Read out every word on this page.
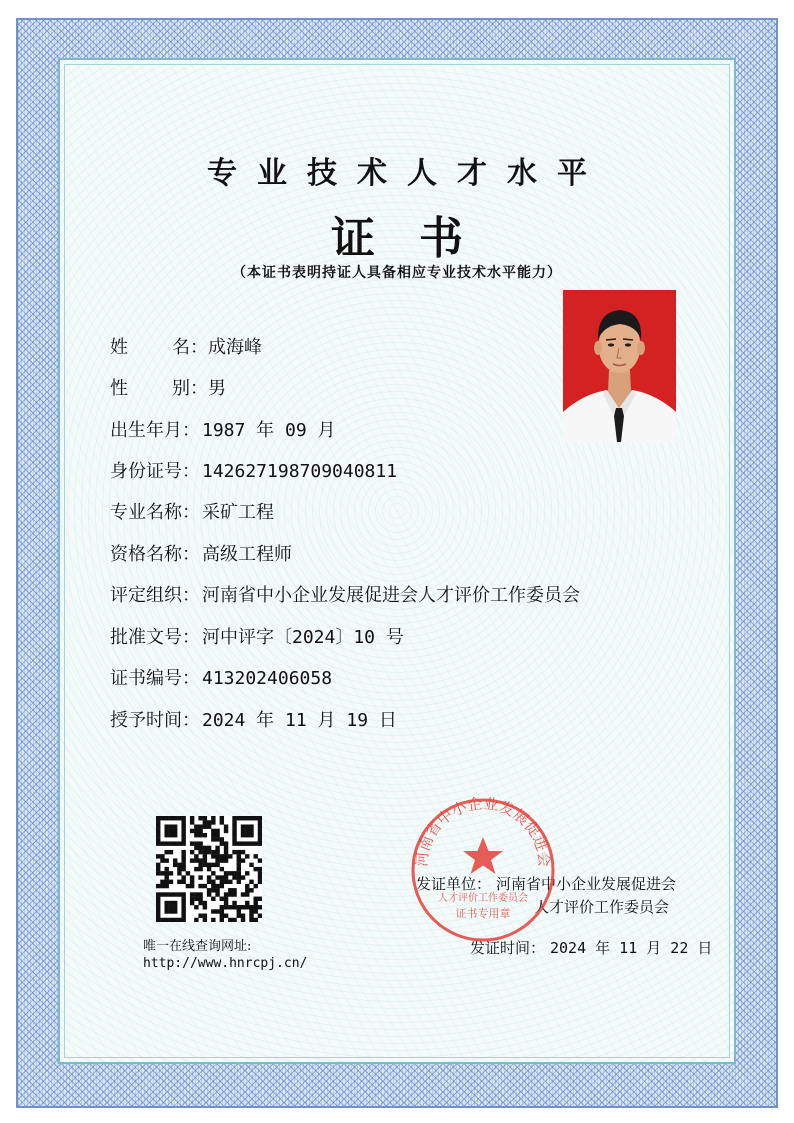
专业技术人才水平
证书
（本证书表明持证人具备相应专业技术水平能力）
姓名：成海峰
性别：男
出生年月： 1987 年 09 月
身份证号： 142627198709040811
专业名称： 采矿工程
资格名称： 高级工程师
评定组织： 河南省中小企业发展促进会人才评价工作委员会
批准文号： 河中评字〔2024〕10 号
证书编号： 413202406058
授予时间： 2024 年 11 月 19 日
唯一在线查询网址:
http://www.hnrcpj.cn/
发证单位： 河南省中小企业发展促进会
人才评价工作委员会
发证时间： 2024 年 11 月 22 日
河南省中小企业发展促进会
人才评价工作委员会
证书专用章
